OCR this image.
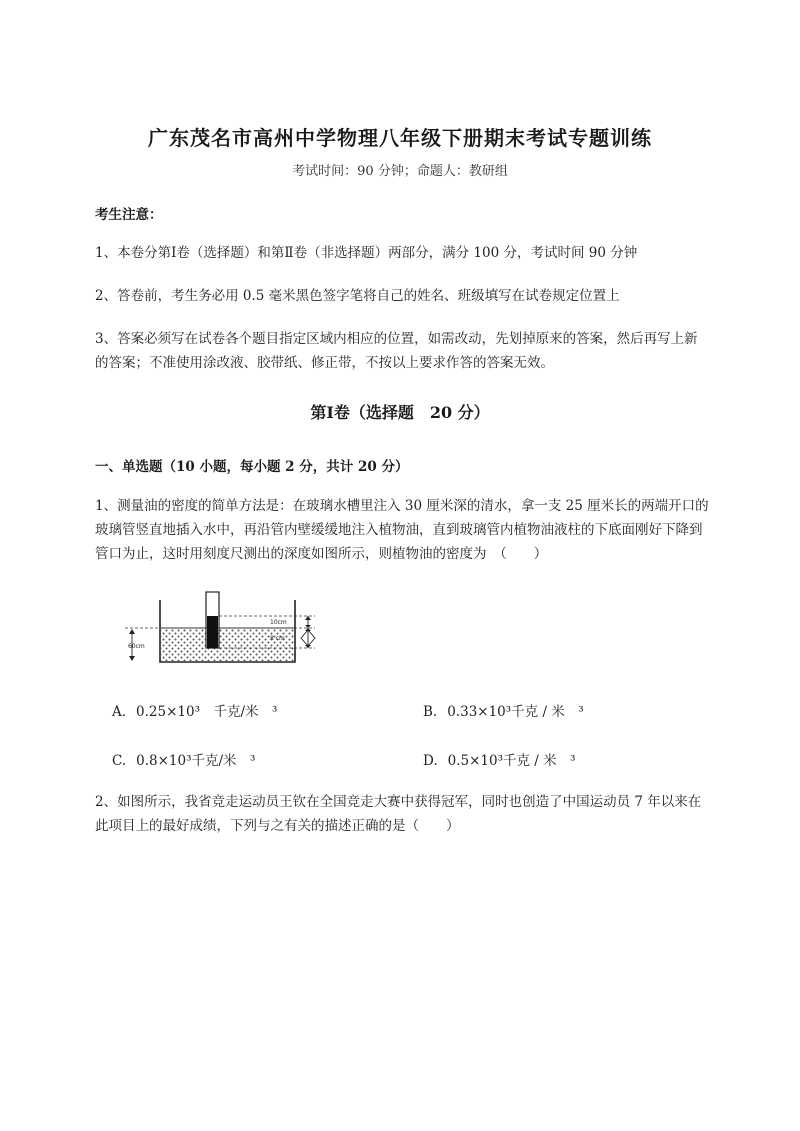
广东茂名市高州中学物理八年级下册期末考试专题训练
考试时间：90 分钟；命题人：教研组
考生注意：
1、本卷分第Ⅰ卷（选择题）和第Ⅱ卷（非选择题）两部分，满分 100 分，考试时间 90 分钟
2、答卷前，考生务必用 0.5 毫米黑色签字笔将自己的姓名、班级填写在试卷规定位置上
3、答案必须写在试卷各个题目指定区域内相应的位置，如需改动，先划掉原来的答案，然后再写上新的答案；不准使用涂改液、胶带纸、修正带，不按以上要求作答的答案无效。
第Ⅰ卷（选择题　20 分）
一、单选题（10 小题，每小题 2 分，共计 20 分）
1、测量油的密度的简单方法是：在玻璃水槽里注入 30 厘米深的清水，拿一支 25 厘米长的两端开口的玻璃管竖直地插入水中，再沿管内壁缓缓地注入植物油，直到玻璃管内植物油液柱的下底面刚好下降到管口为止，这时用刻度尺测出的深度如图所示，则植物油的密度为　（　　）
60cm
10cm
8 cm
A. 0.25×10³　千克/米　³	B. 0.33×10³千克 / 米　³
C. 0.8×10³千克/米　³	D. 0.5×10³千克 / 米　³
2、如图所示，我省竞走运动员王钦在全国竞走大赛中获得冠军，同时也创造了中国运动员 7 年以来在此项目上的最好成绩，下列与之有关的描述正确的是（　　）
